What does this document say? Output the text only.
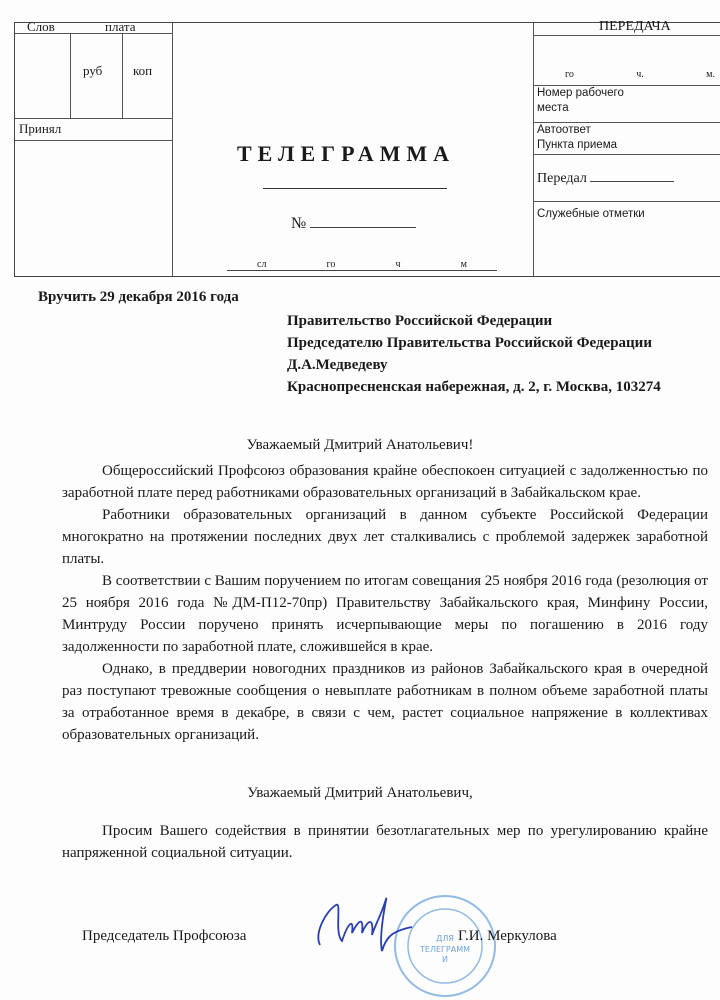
Слов	плата
руб коп
Принял
ТЕЛЕГРАММА
№
сл	го	ч	м
ПЕРЕДАЧА
го	ч.	м.
Номер рабочего
места
Автоответ
Пункта приема
Передал
Служебные отметки
Вручить 29 декабря 2016 года
Правительство Российской Федерации
Председателю Правительства Российской Федерации
Д.А.Медведеву
Краснопресненская набережная, д. 2, г. Москва, 103274
Уважаемый Дмитрий Анатольевич!

Общероссийский Профсоюз образования крайне обеспокоен ситуацией с задолженностью по заработной плате перед работниками образовательных организаций в Забайкальском крае.

Работники образовательных организаций в данном субъекте Российской Федерации многократно на протяжении последних двух лет сталкивались с проблемой задержек заработной платы.

В соответствии с Вашим поручением по итогам совещания 25 ноября 2016 года (резолюция от 25 ноября 2016 года №ДМ-П12-70пр) Правительству Забайкальского края, Минфину России, Минтруду России поручено принять исчерпывающие меры по погашению в 2016 году задолженности по заработной плате, сложившейся в крае.

Однако, в преддверии новогодних праздников из районов Забайкальского края в очередной раз поступают тревожные сообщения о невыплате работникам в полном объеме заработной платы за отработанное время в декабре, в связи с чем, растет социальное напряжение в коллективах образовательных организаций.

Уважаемый Дмитрий Анатольевич,

Просим Вашего содействия в принятии безотлагательных мер по урегулированию крайне напряженной социальной ситуации.

Председатель Профсоюза	ДЛЯ
ТЕЛЕГРАММ
И
Г.И. Меркулова
